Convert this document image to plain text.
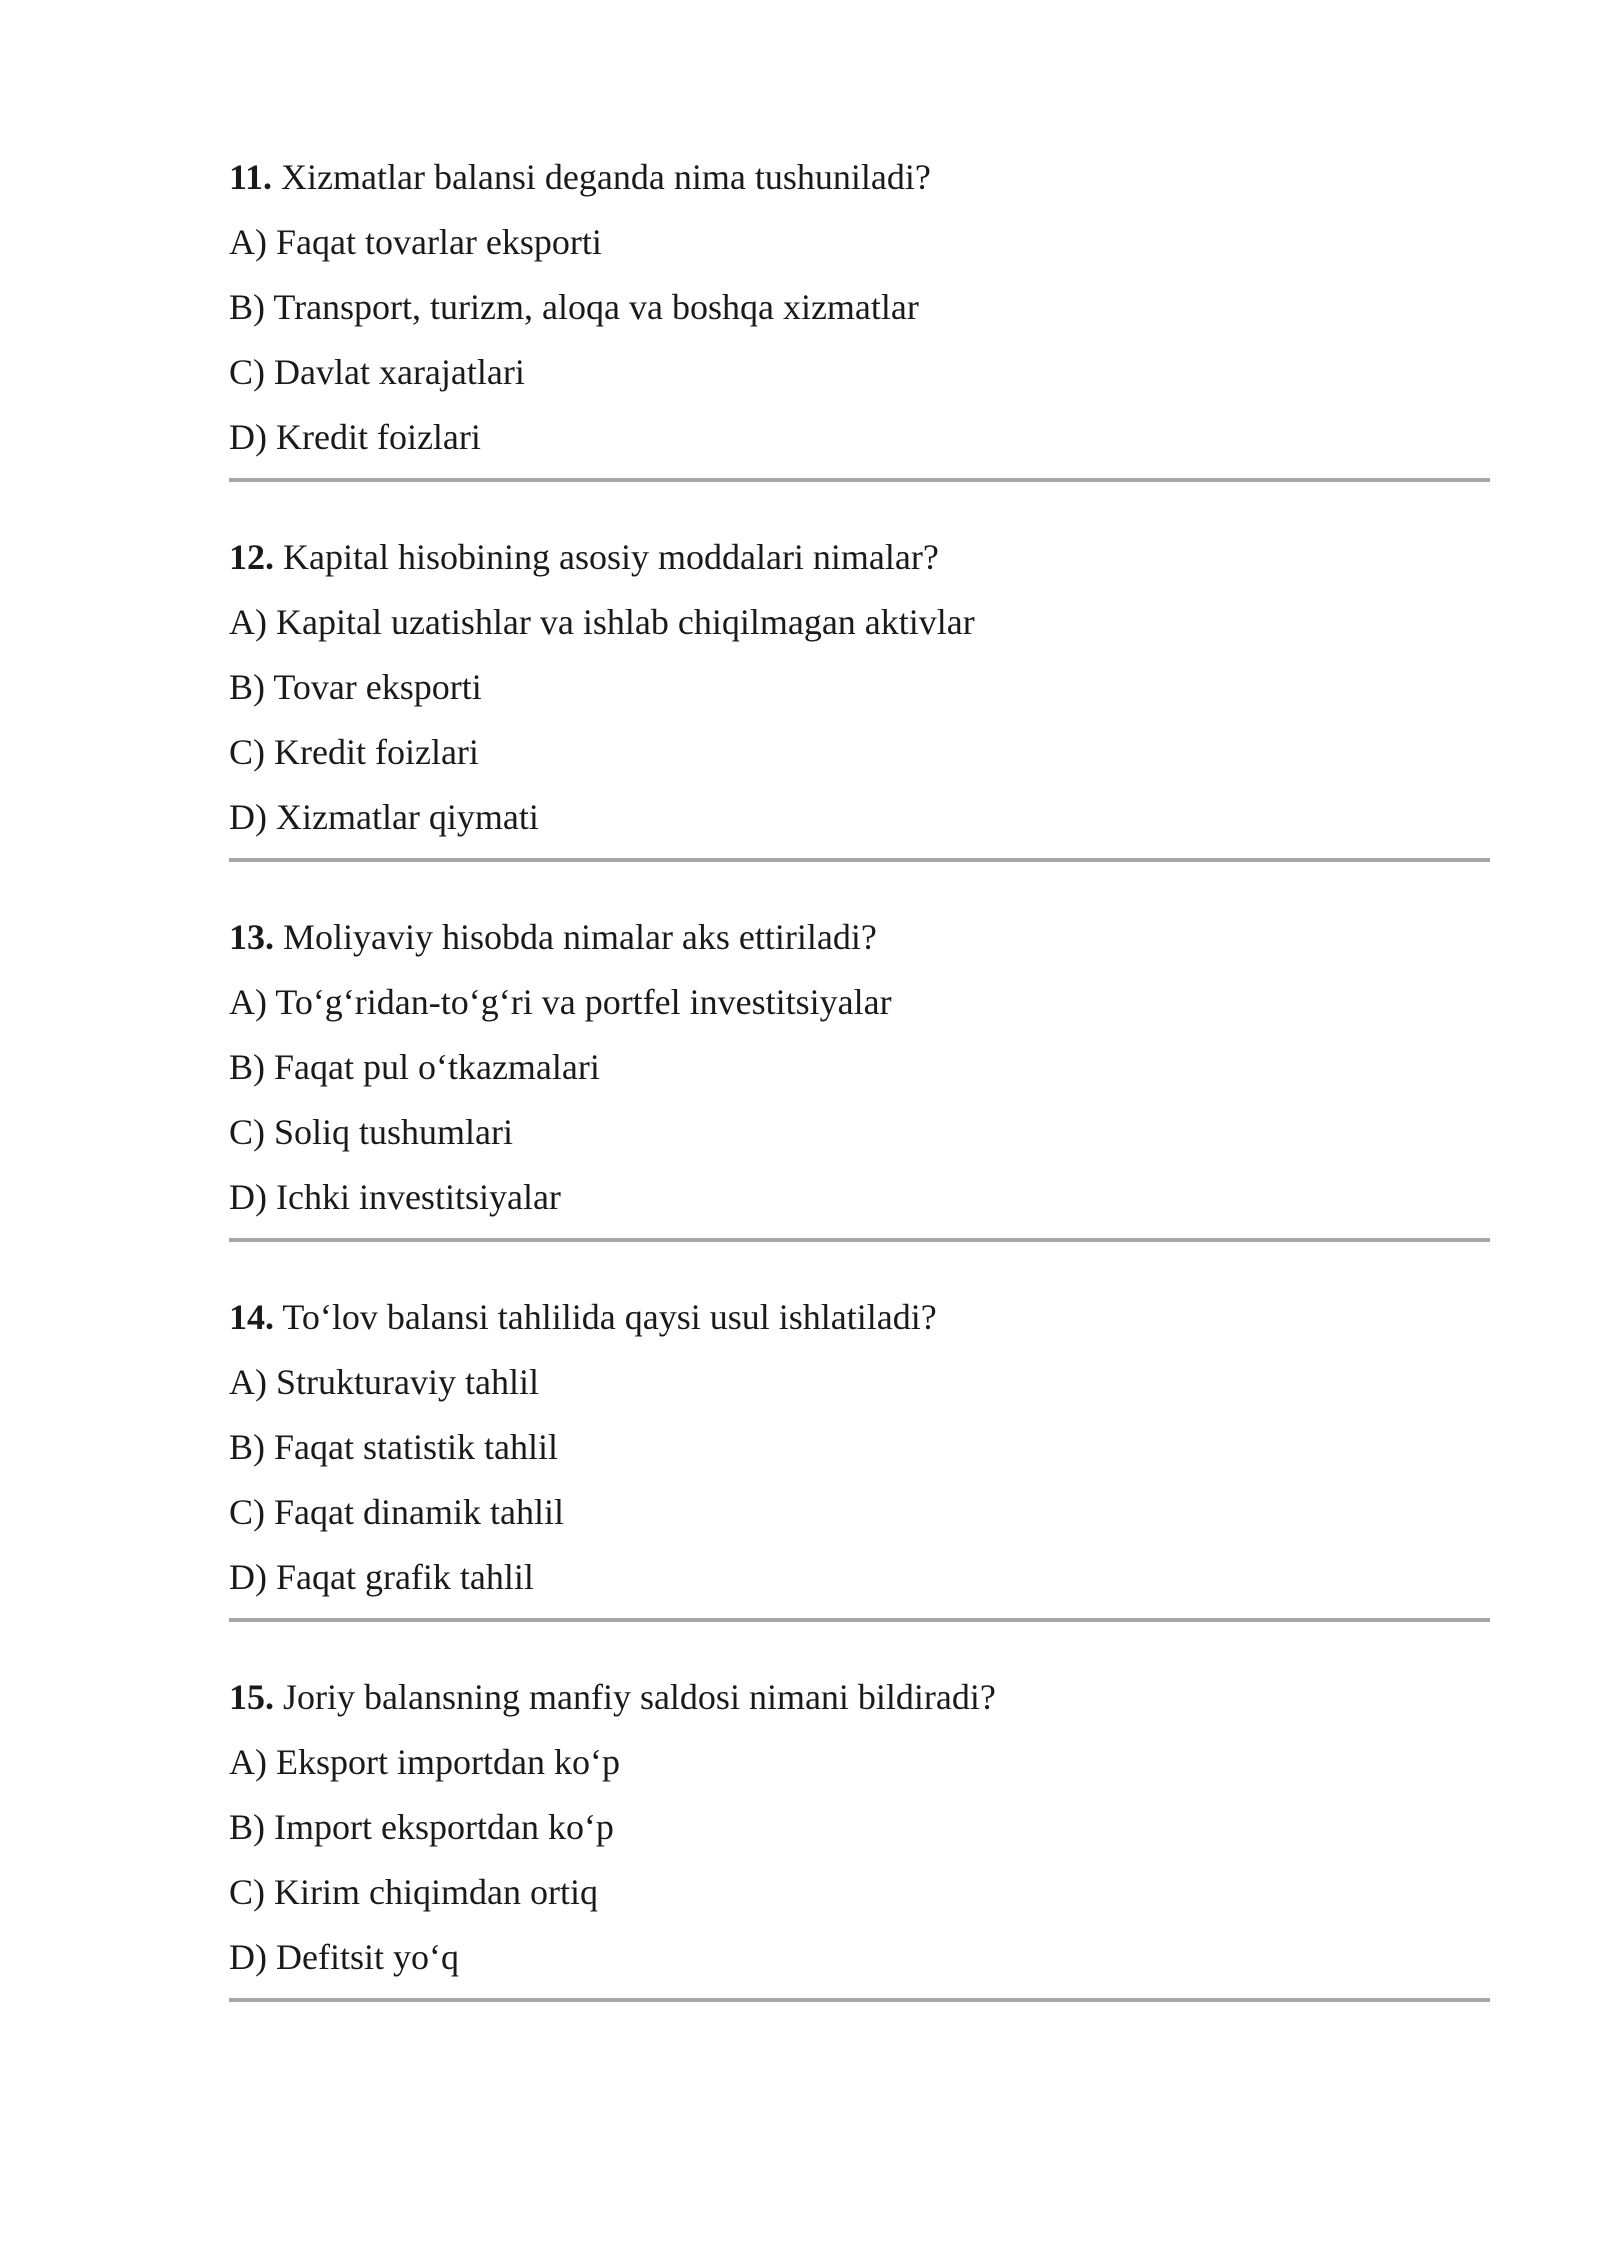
11. Xizmatlar balansi deganda nima tushuniladi?
A) Faqat tovarlar eksporti
B) Transport, turizm, aloqa va boshqa xizmatlar
C) Davlat xarajatlari
D) Kredit foizlari
12. Kapital hisobining asosiy moddalari nimalar?
A) Kapital uzatishlar va ishlab chiqilmagan aktivlar
B) Tovar eksporti
C) Kredit foizlari
D) Xizmatlar qiymati
13. Moliyaviy hisobda nimalar aks ettiriladi?
A) To‘g‘ridan-to‘g‘ri va portfel investitsiyalar
B) Faqat pul o‘tkazmalari
C) Soliq tushumlari
D) Ichki investitsiyalar
14. To‘lov balansi tahlilida qaysi usul ishlatiladi?
A) Strukturaviy tahlil
B) Faqat statistik tahlil
C) Faqat dinamik tahlil
D) Faqat grafik tahlil
15. Joriy balansning manfiy saldosi nimani bildiradi?
A) Eksport importdan ko‘p
B) Import eksportdan ko‘p
C) Kirim chiqimdan ortiq
D) Defitsit yo‘q
